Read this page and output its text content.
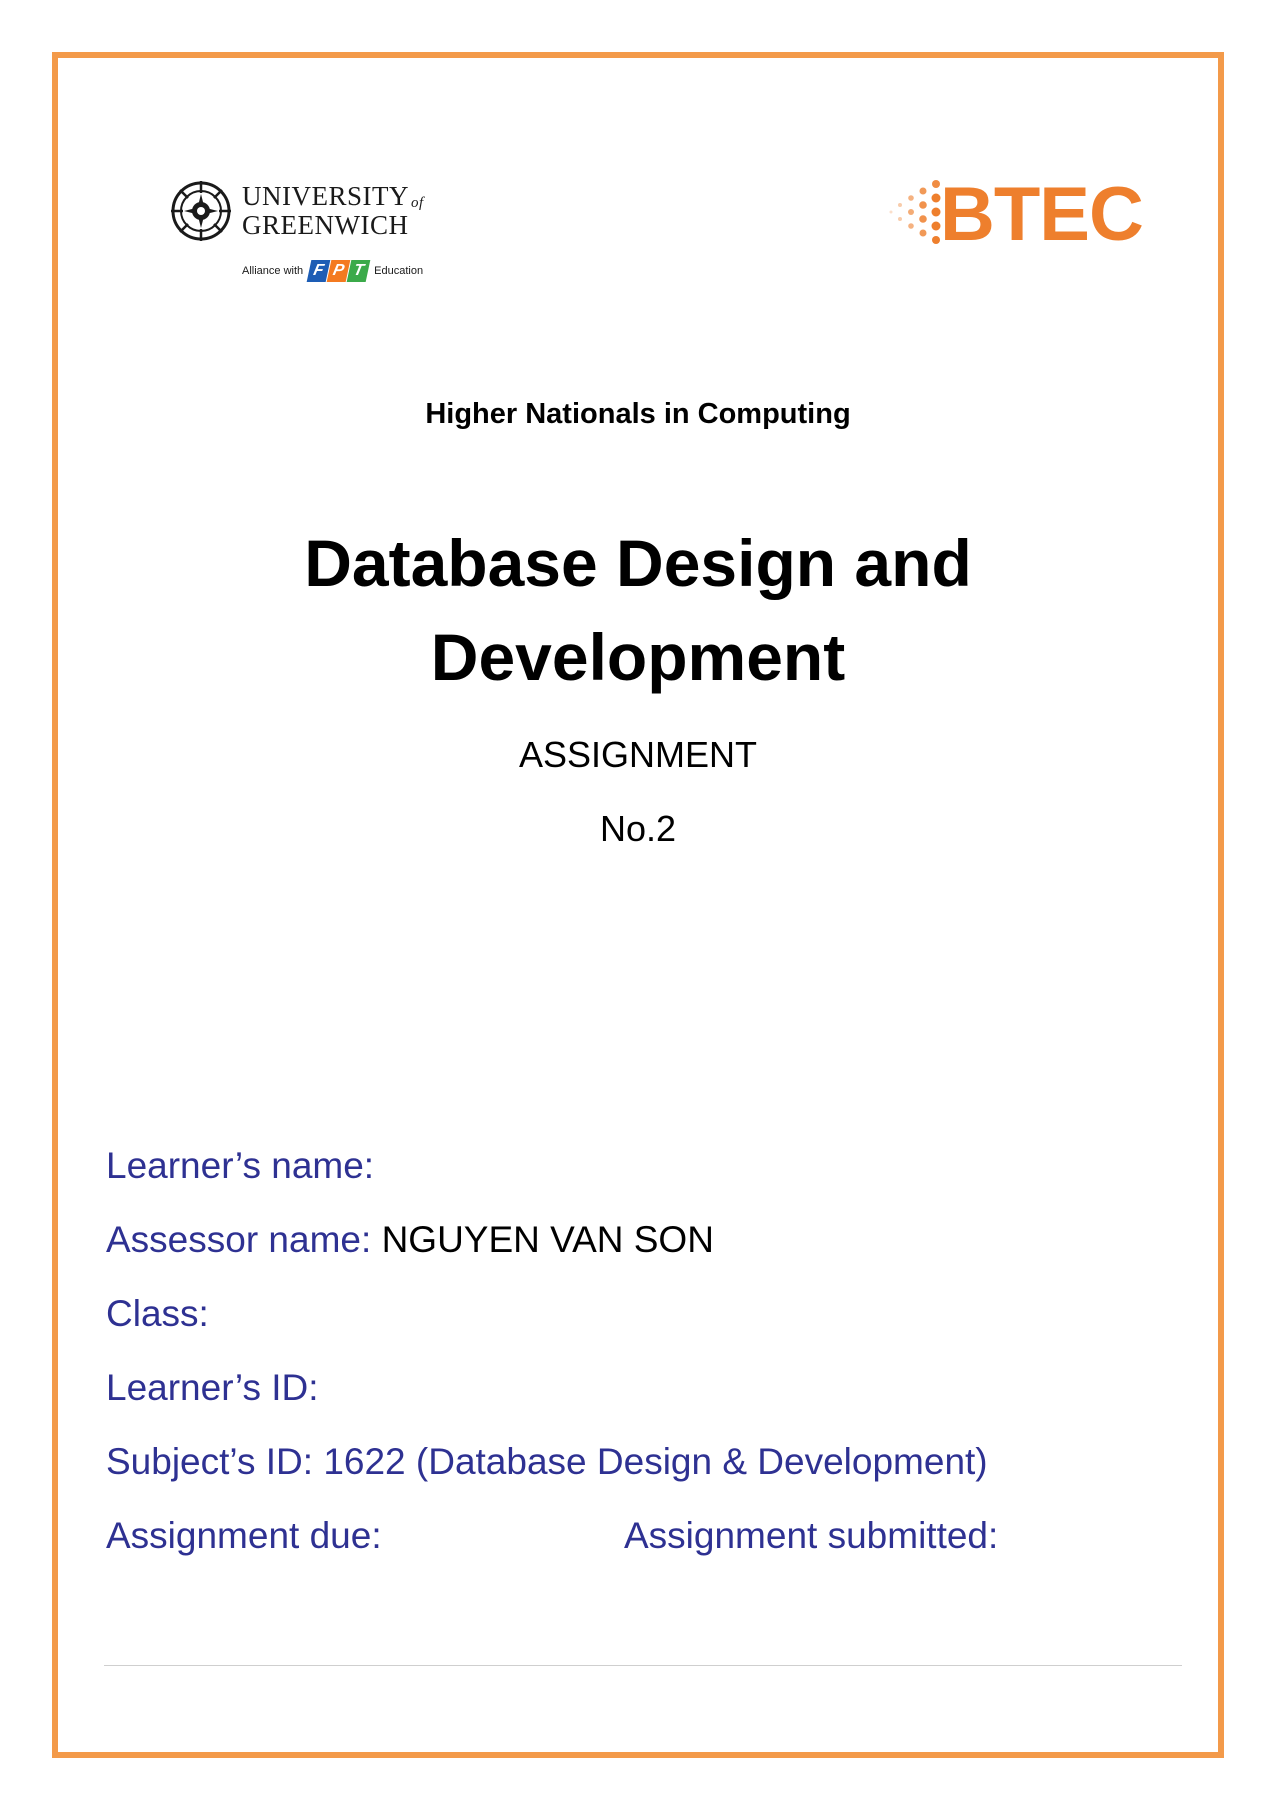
UNIVERSITY of
GREENWICH
Alliance with F P T Education
BTEC
Higher Nationals in Computing
Database Design and
Development
ASSIGNMENT
No.2
Learner’s name:
Assessor name: NGUYEN VAN SON
Class:
Learner’s ID:
Subject’s ID: 1622 (Database Design & Development)
Assignment due:	Assignment submitted:
